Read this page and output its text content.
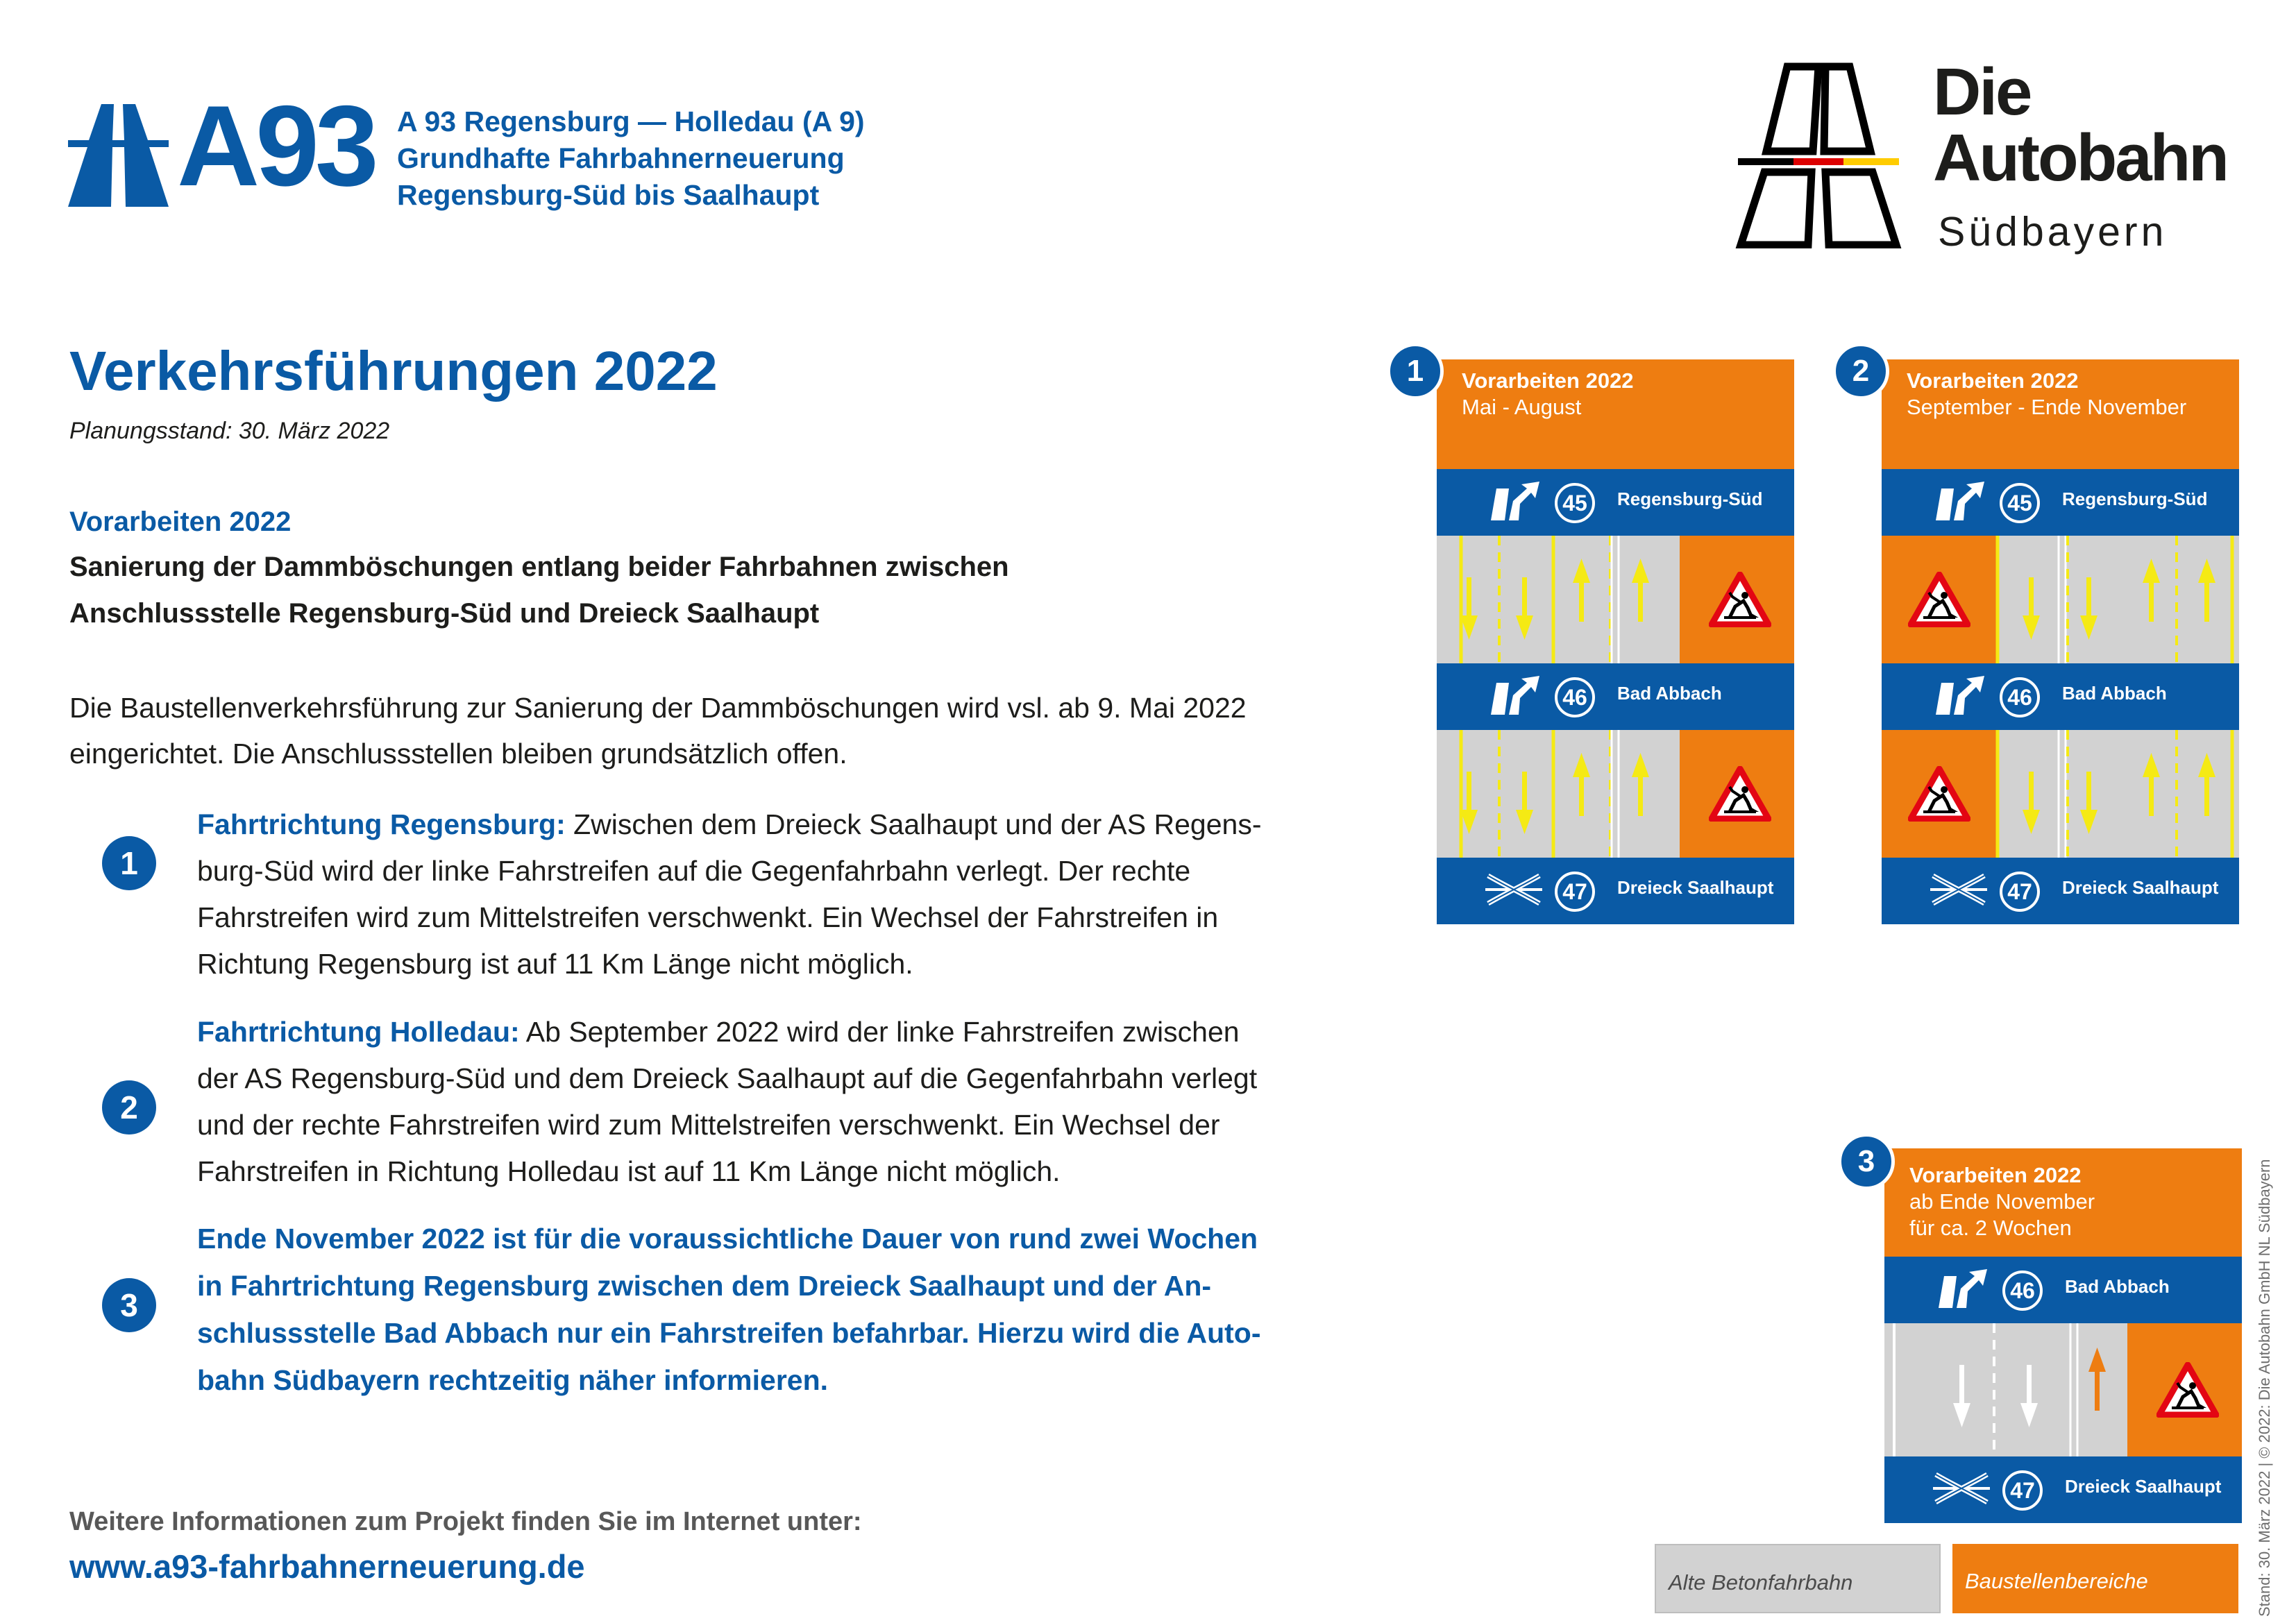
A93 A 93 Regensburg — Holledau (A 9)
Grundhafte Fahrbahnerneuerung
Regensburg-Süd bis Saalhaupt
Die
Autobahn
Südbayern
Verkehrsführungen 2022
Planungsstand: 30. März 2022
Vorarbeiten 2022
Sanierung der Dammböschungen entlang beider Fahrbahnen zwischen
Anschlussstelle Regensburg-Süd und Dreieck Saalhaupt
Die Baustellenverkehrsführung zur Sanierung der Dammböschungen wird vsl. ab 9. Mai 2022
eingerichtet. Die Anschlussstellen bleiben grundsätzlich offen.
1
Fahrtrichtung Regensburg: Zwischen dem Dreieck Saalhaupt und der AS Regens-
burg-Süd wird der linke Fahrstreifen auf die Gegenfahrbahn verlegt. Der rechte
Fahrstreifen wird zum Mittelstreifen verschwenkt. Ein Wechsel der Fahrstreifen in
Richtung Regensburg ist auf 11 Km Länge nicht möglich.
2
Fahrtrichtung Holledau: Ab September 2022 wird der linke Fahrstreifen zwischen
der AS Regensburg-Süd und dem Dreieck Saalhaupt auf die Gegenfahrbahn verlegt
und der rechte Fahrstreifen wird zum Mittelstreifen verschwenkt. Ein Wechsel der
Fahrstreifen in Richtung Holledau ist auf 11 Km Länge nicht möglich.
3
Ende November 2022 ist für die voraussichtliche Dauer von rund zwei Wochen
in Fahrtrichtung Regensburg zwischen dem Dreieck Saalhaupt und der An-
schlussstelle Bad Abbach nur ein Fahrstreifen befahrbar. Hierzu wird die Auto-
bahn Südbayern rechtzeitig näher informieren.
Weitere Informationen zum Projekt finden Sie im Internet unter:
www.a93-fahrbahnerneuerung.de
Vorarbeiten 2022
Mai - August
45	Regensburg-Süd
46	Bad Abbach
47	Dreieck Saalhaupt
1	Vorarbeiten 2022
September - Ende November
45	Regensburg-Süd
46	Bad Abbach
47	Dreieck Saalhaupt
2
Vorarbeiten 2022
ab Ende November
für ca. 2 Wochen
46	Bad Abbach
47	Dreieck Saalhaupt
3
Alte Betonfahrbahn	Baustellenbereiche	Stand: 30. März 2022 | © 2022: Die Autobahn GmbH NL Südbayern
